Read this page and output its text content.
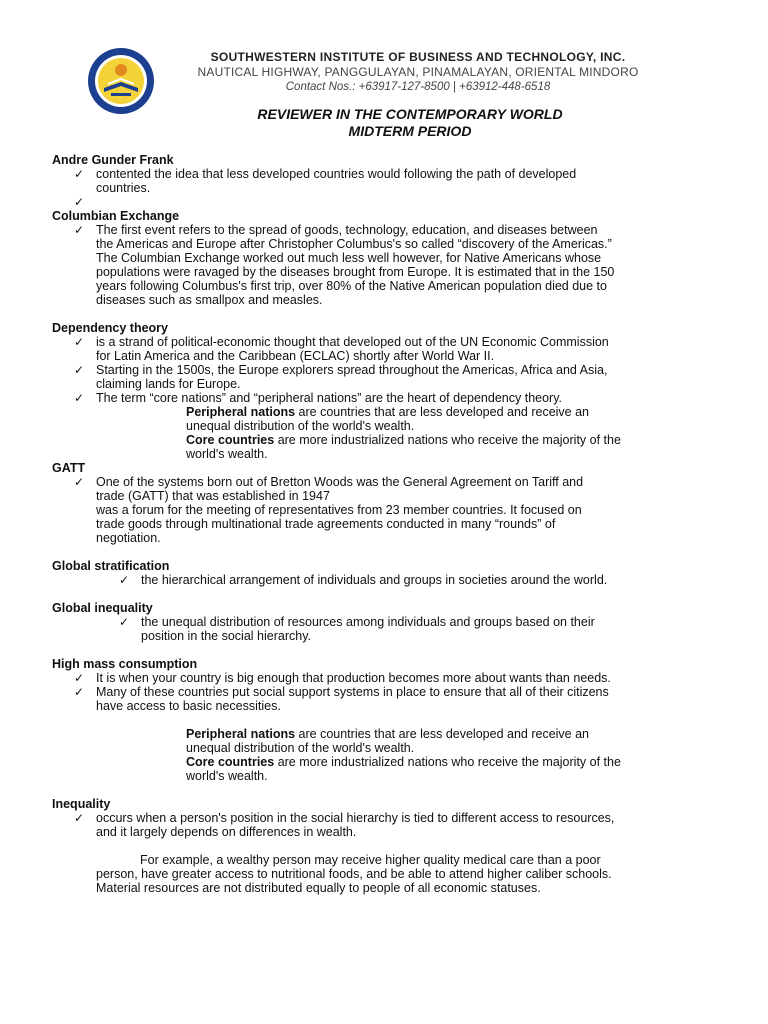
SOUTHWESTERN INSTITUTE OF BUSINESS AND TECHNOLOGY, INC.
NAUTICAL HIGHWAY, PANGGULAYAN, PINAMALAYAN, ORIENTAL MINDORO
Contact Nos.: +63917-127-8500 | +63912-448-6518
REVIEWER IN THE CONTEMPORARY WORLD
MIDTERM PERIOD
Andre Gunder Frank
✓ contented the idea that less developed countries would following the path of developed
countries.
✓

Columbian Exchange
✓ The first event refers to the spread of goods, technology, education, and diseases between
the Americas and Europe after Christopher Columbus's so called “discovery of the Americas.”
The Columbian Exchange worked out much less well however, for Native Americans whose
populations were ravaged by the diseases brought from Europe. It is estimated that in the 150
years following Columbus's first trip, over 80% of the Native American population died due to
diseases such as smallpox and measles.
Dependency theory
✓ is a strand of political-economic thought that developed out of the UN Economic Commission
for Latin America and the Caribbean (ECLAC) shortly after World War II.
✓ Starting in the 1500s, the Europe explorers spread throughout the Americas, Africa and Asia,
claiming lands for Europe.
✓ The term “core nations” and “peripheral nations” are the heart of dependency theory.
Peripheral nations are countries that are less developed and receive an
unequal distribution of the world's wealth.
Core countries are more industrialized nations who receive the majority of the
world's wealth.
GATT
✓ One of the systems born out of Bretton Woods was the General Agreement on Tariff and
trade (GATT) that was established in 1947
was a forum for the meeting of representatives from 23 member countries. It focused on
trade goods through multinational trade agreements conducted in many “rounds” of
negotiation.
Global stratification
✓ the hierarchical arrangement of individuals and groups in societies around the world.
Global inequality
✓ the unequal distribution of resources among individuals and groups based on their
position in the social hierarchy.
High mass consumption
✓ It is when your country is big enough that production becomes more about wants than needs.
✓ Many of these countries put social support systems in place to ensure that all of their citizens
have access to basic necessities.
Peripheral nations are countries that are less developed and receive an
unequal distribution of the world's wealth.
Core countries are more industrialized nations who receive the majority of the
world's wealth.
Inequality
✓ occurs when a person's position in the social hierarchy is tied to different access to resources,
and it largely depends on differences in wealth.
For example, a wealthy person may receive higher quality medical care than a poor
person, have greater access to nutritional foods, and be able to attend higher caliber schools.
Material resources are not distributed equally to people of all economic statuses.
